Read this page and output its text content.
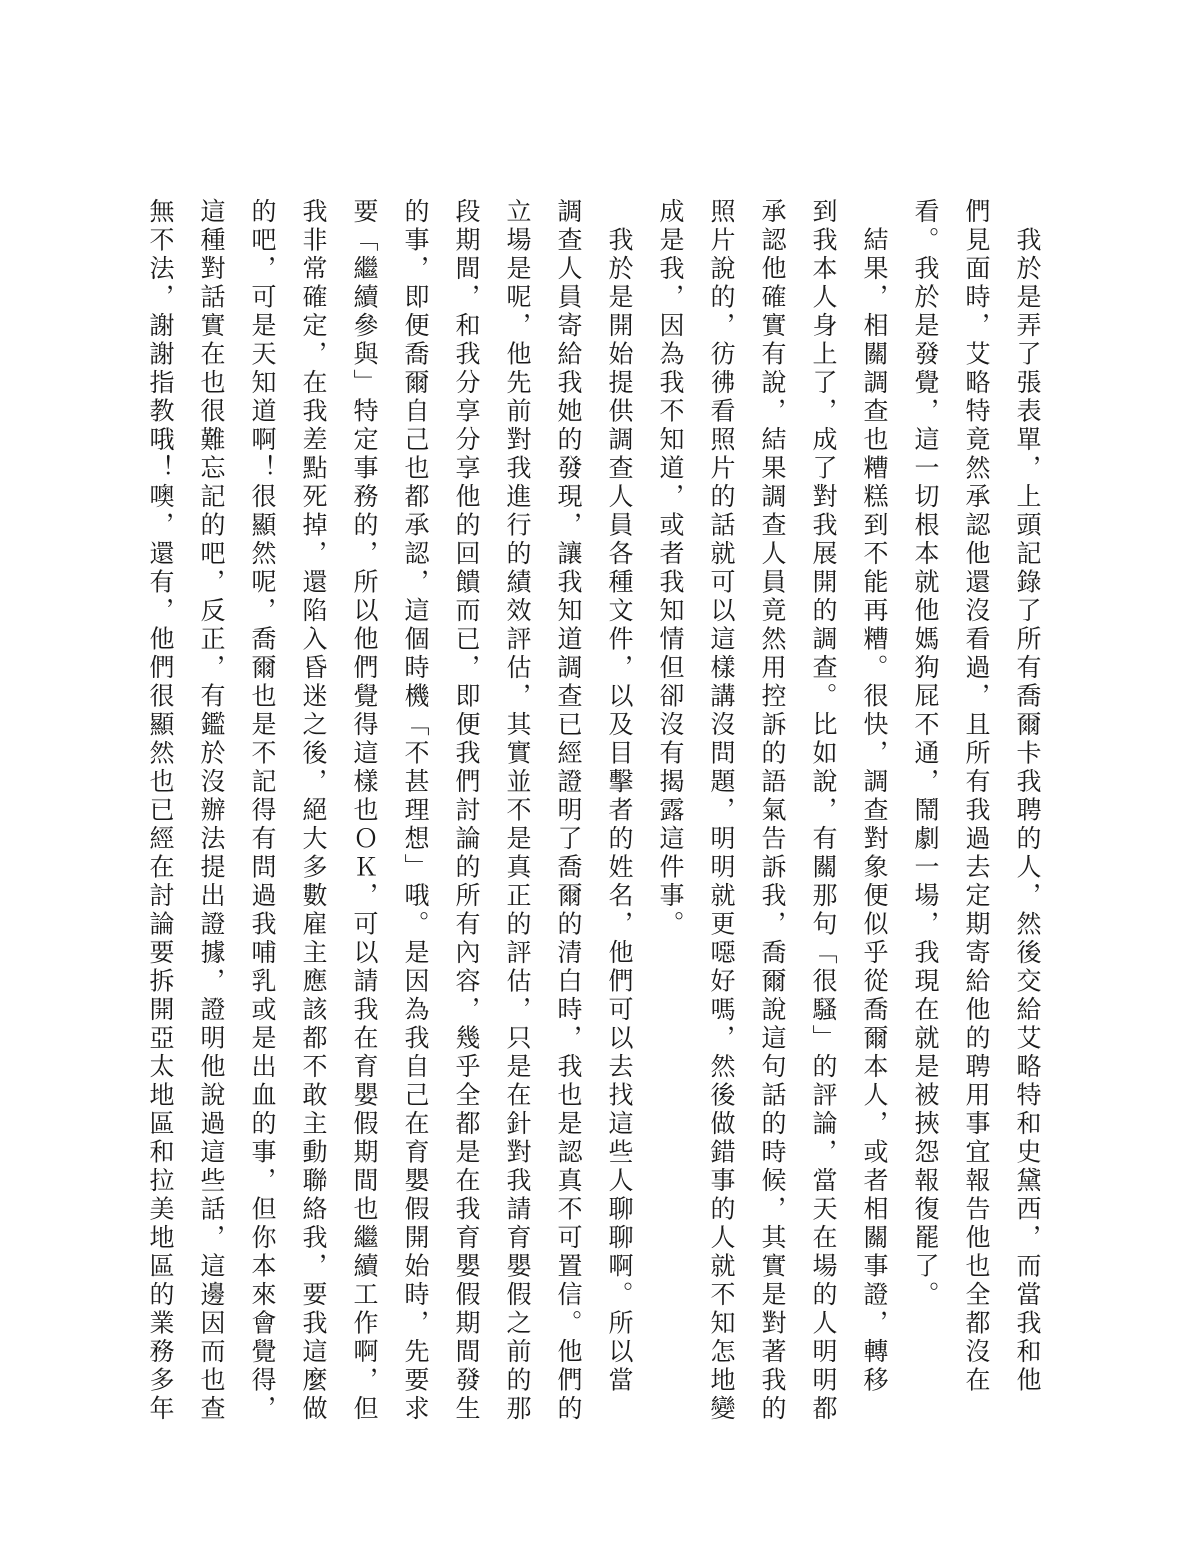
　我於是弄了張表單，上頭記錄了所有喬爾卡我聘的人，然後交給艾略特和史黛西，而當我和他
們見面時，艾略特竟然承認他還沒看過，且所有我過去定期寄給他的聘用事宜報告他也全都沒在
看。我於是發覺，這一切根本就他媽狗屁不通，鬧劇一場，我現在就是被挾怨報復罷了。
　結果，相關調查也糟糕到不能再糟。很快，調查對象便似乎從喬爾本人，或者相關事證，轉移
到我本人身上了，成了對我展開的調查。比如說，有關那句「很騷」的評論，當天在場的人明明都
承認他確實有說，結果調查人員竟然用控訴的語氣告訴我，喬爾說這句話的時候，其實是對著我的
照片說的，彷彿看照片的話就可以這樣講沒問題，明明就更噁好嗎，然後做錯事的人就不知怎地變
成是我，因為我不知道，或者我知情但卻沒有揭露這件事。
　我於是開始提供調查人員各種文件，以及目擊者的姓名，他們可以去找這些人聊聊啊。所以當
調查人員寄給我她的發現，讓我知道調查已經證明了喬爾的清白時，我也是認真不可置信。他們的
立場是呢，他先前對我進行的績效評估，其實並不是真正的評估，只是在針對我請育嬰假之前的那
段期間，和我分享分享他的回饋而已，即便我們討論的所有內容，幾乎全都是在我育嬰假期間發生
的事，即便喬爾自己也都承認，這個時機「不甚理想」哦。是因為我自己在育嬰假開始時，先要求
要「繼續參與」特定事務的，所以他們覺得這樣也ＯＫ，可以請我在育嬰假期間也繼續工作啊，但
我非常確定，在我差點死掉，還陷入昏迷之後，絕大多數雇主應該都不敢主動聯絡我，要我這麼做
的吧，可是天知道啊！很顯然呢，喬爾也是不記得有問過我哺乳或是出血的事，但你本來會覺得，
這種對話實在也很難忘記的吧，反正，有鑑於沒辦法提出證據，證明他說過這些話，這邊因而也查
無不法，謝謝指教哦！噢，還有，他們很顯然也已經在討論要拆開亞太地區和拉美地區的業務多年
